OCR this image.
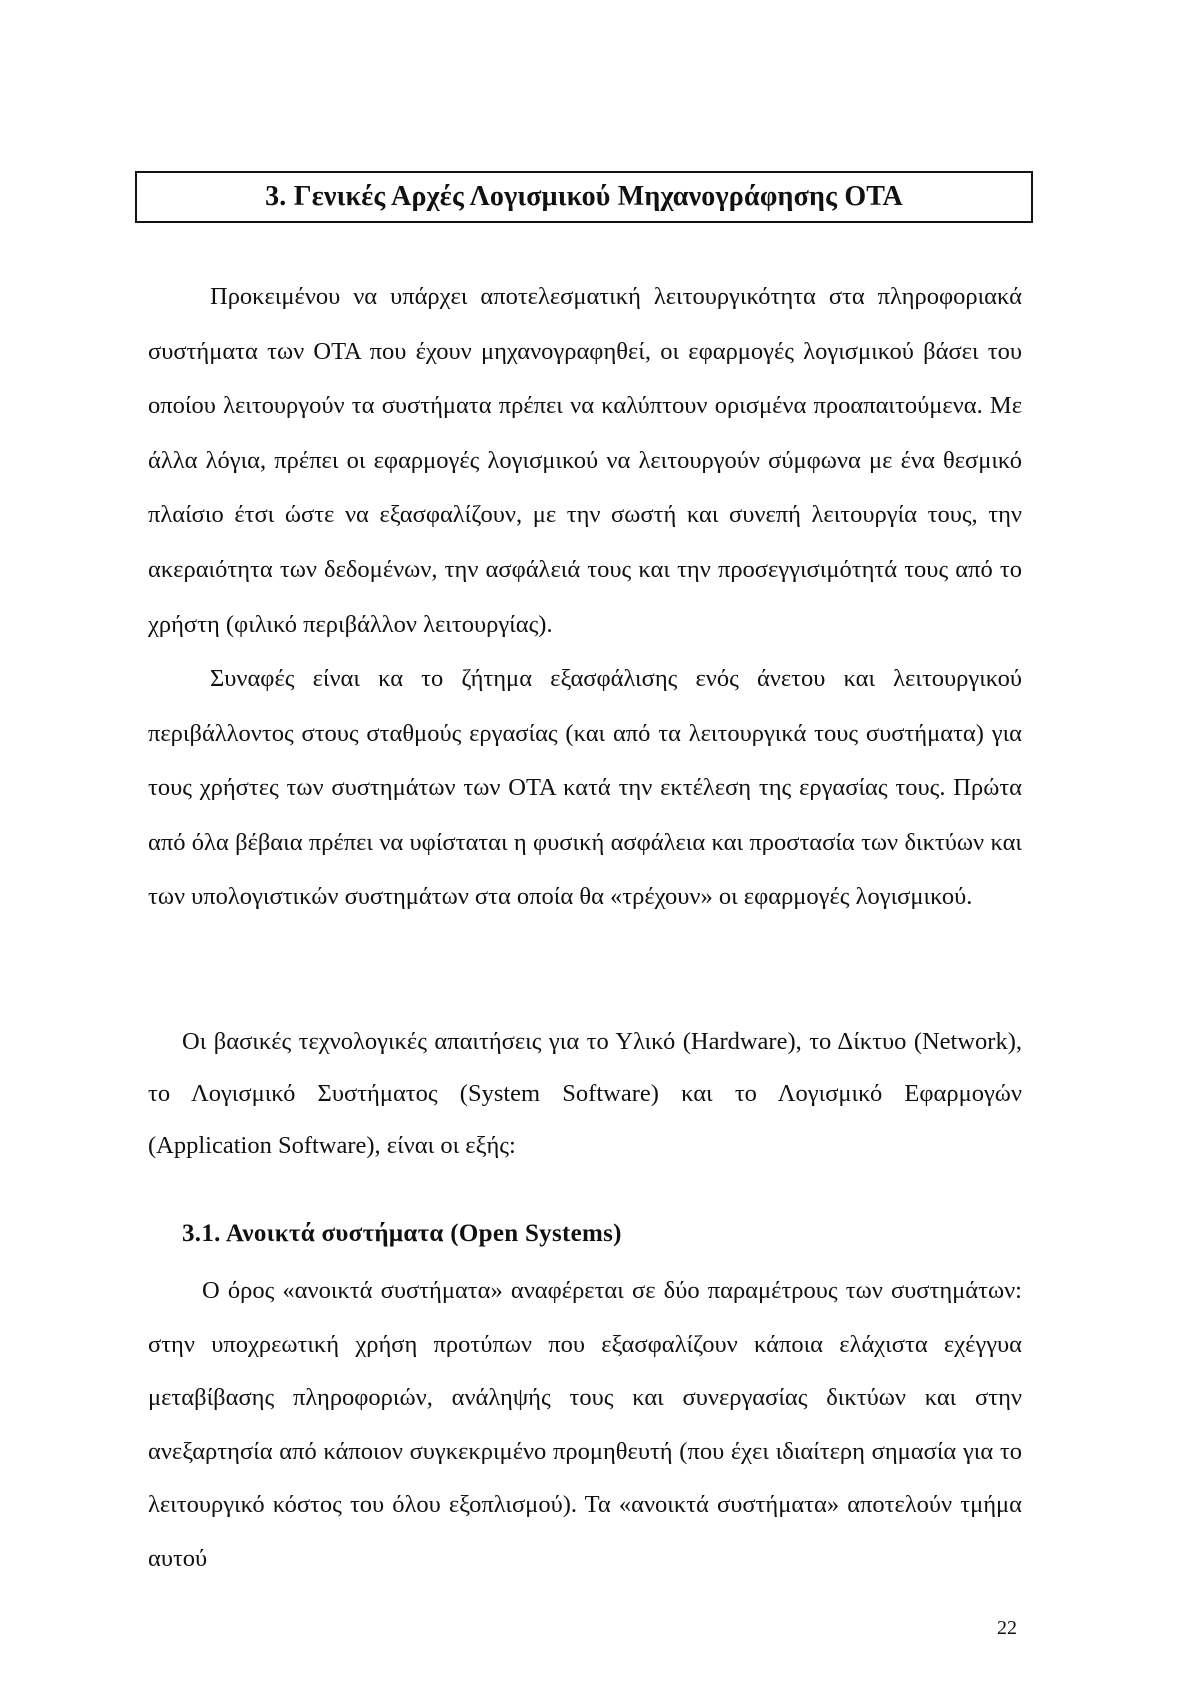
3. Γενικές Αρχές Λογισμικού Μηχανογράφησης ΟΤΑ

Προκειμένου να υπάρχει αποτελεσματική λειτουργικότητα στα πληροφοριακά συστήματα των ΟΤΑ που έχουν μηχανογραφηθεί, οι εφαρμογές λογισμικού βάσει του οποίου λειτουργούν τα συστήματα πρέπει να καλύπτουν ορισμένα προαπαιτούμενα. Με άλλα λόγια, πρέπει οι εφαρμογές λογισμικού να λειτουργούν σύμφωνα με ένα θεσμικό πλαίσιο έτσι ώστε να εξασφαλίζουν, με την σωστή και συνεπή λειτουργία τους, την ακεραιότητα των δεδομένων, την ασφάλειά τους και την προσεγγισιμότητά τους από το χρήστη (φιλικό περιβάλλον λειτουργίας).

Συναφές είναι κα το ζήτημα εξασφάλισης ενός άνετου και λειτουργικού περιβάλλοντος στους σταθμούς εργασίας (και από τα λειτουργικά τους συστήματα) για τους χρήστες των συστημάτων των ΟΤΑ κατά την εκτέλεση της εργασίας τους. Πρώτα από όλα βέβαια πρέπει να υφίσταται η φυσική ασφάλεια και προστασία των δικτύων και των υπολογιστικών συστημάτων στα οποία θα «τρέχουν» οι εφαρμογές λογισμικού.

Οι βασικές τεχνολογικές απαιτήσεις για το Υλικό (Hardware), το Δίκτυο (Network), το Λογισμικό Συστήματος (System Software) και το Λογισμικό Εφαρμογών (Application Software), είναι οι εξής:

3.1. Ανοικτά συστήματα (Open Systems)

Ο όρος «ανοικτά συστήματα» αναφέρεται σε δύο παραμέτρους των συστημάτων: στην υποχρεωτική χρήση προτύπων που εξασφαλίζουν κάποια ελάχιστα εχέγγυα μεταβίβασης πληροφοριών, ανάληψής τους και συνεργασίας δικτύων και στην ανεξαρτησία από κάποιον συγκεκριμένο προμηθευτή (που έχει ιδιαίτερη σημασία για το λειτουργικό κόστος του όλου εξοπλισμού). Τα «ανοικτά συστήματα» αποτελούν τμήμα αυτού

22
